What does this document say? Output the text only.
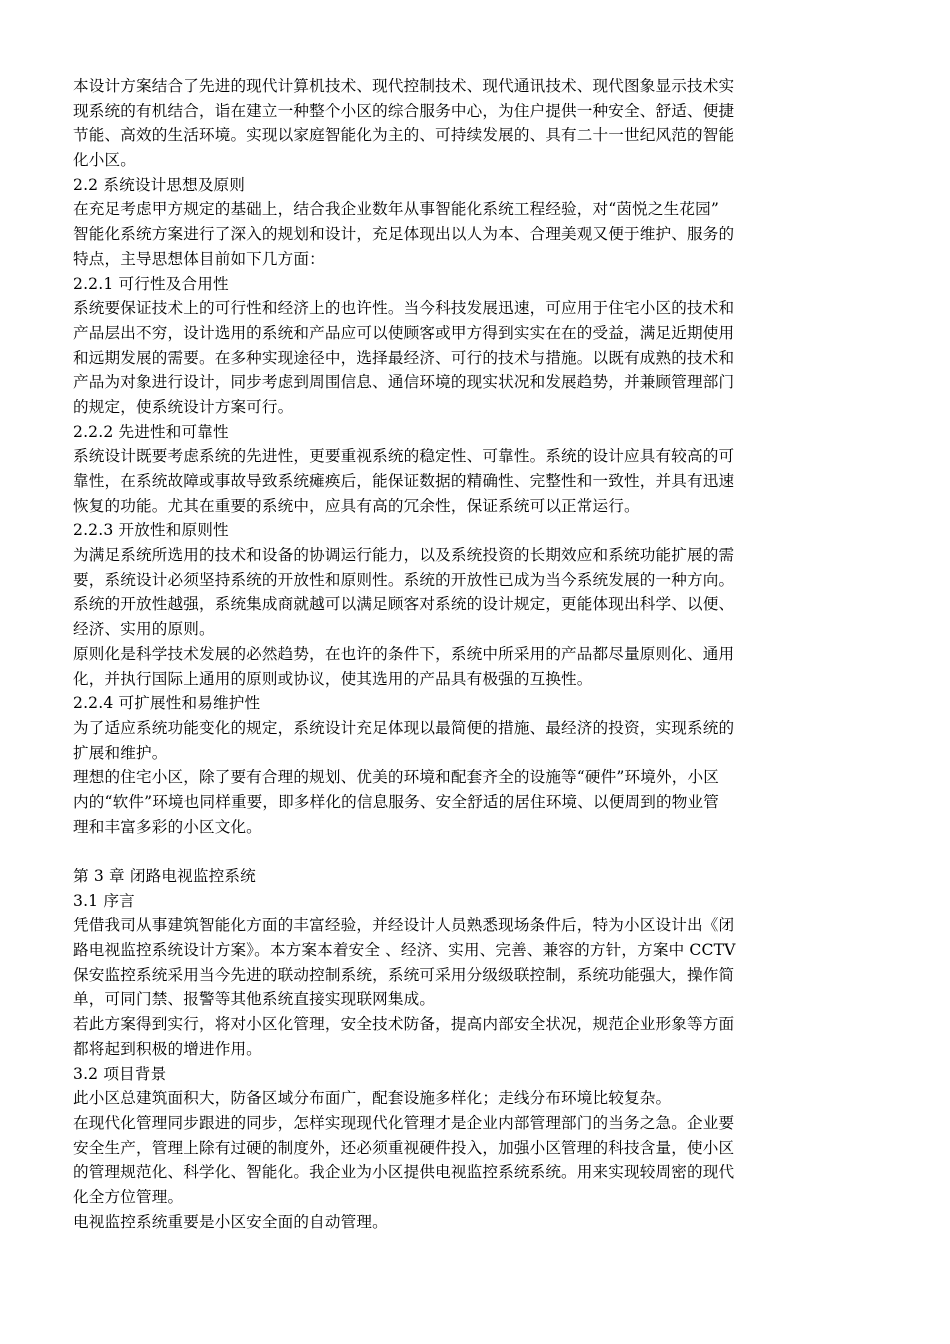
本设计方案结合了先进的现代计算机技术、现代控制技术、现代通讯技术、现代图象显示技术实
现系统的有机结合，诣在建立一种整个小区的综合服务中心，为住户提供一种安全、舒适、便捷
节能、高效的生活环境。实现以家庭智能化为主的、可持续发展的、具有二十一世纪风范的智能
化小区。
2.2 系统设计思想及原则
在充足考虑甲方规定的基础上，结合我企业数年从事智能化系统工程经验，对“茵悦之生花园”
智能化系统方案进行了深入的规划和设计，充足体现出以人为本、合理美观又便于维护、服务的
特点，主导思想体目前如下几方面：
2.2.1 可行性及合用性
系统要保证技术上的可行性和经济上的也许性。当今科技发展迅速，可应用于住宅小区的技术和
产品层出不穷，设计选用的系统和产品应可以使顾客或甲方得到实实在在的受益，满足近期使用
和远期发展的需要。在多种实现途径中，选择最经济、可行的技术与措施。以既有成熟的技术和
产品为对象进行设计，同步考虑到周围信息、通信环境的现实状况和发展趋势，并兼顾管理部门
的规定，使系统设计方案可行。
2.2.2 先进性和可靠性
系统设计既要考虑系统的先进性，更要重视系统的稳定性、可靠性。系统的设计应具有较高的可
靠性，在系统故障或事故导致系统瘫痪后，能保证数据的精确性、完整性和一致性，并具有迅速
恢复的功能。尤其在重要的系统中，应具有高的冗余性，保证系统可以正常运行。
2.2.3 开放性和原则性
为满足系统所选用的技术和设备的协调运行能力，以及系统投资的长期效应和系统功能扩展的需
要，系统设计必须坚持系统的开放性和原则性。系统的开放性已成为当今系统发展的一种方向。
系统的开放性越强，系统集成商就越可以满足顾客对系统的设计规定，更能体现出科学、以便、
经济、实用的原则。
原则化是科学技术发展的必然趋势，在也许的条件下，系统中所采用的产品都尽量原则化、通用
化，并执行国际上通用的原则或协议，使其选用的产品具有极强的互换性。
2.2.4 可扩展性和易维护性
为了适应系统功能变化的规定，系统设计充足体现以最简便的措施、最经济的投资，实现系统的
扩展和维护。
理想的住宅小区，除了要有合理的规划、优美的环境和配套齐全的设施等“硬件”环境外，小区
内的“软件”环境也同样重要，即多样化的信息服务、安全舒适的居住环境、以便周到的物业管
理和丰富多彩的小区文化。
第 3 章 闭路电视监控系统
3.1 序言
凭借我司从事建筑智能化方面的丰富经验，并经设计人员熟悉现场条件后，特为小区设计出《闭
路电视监控系统设计方案》。本方案本着安全 、经济、实用、完善、兼容的方针，方案中 CCTV
保安监控系统采用当今先进的联动控制系统，系统可采用分级级联控制，系统功能强大，操作简
单，可同门禁、报警等其他系统直接实现联网集成。
若此方案得到实行，将对小区化管理，安全技术防备，提高内部安全状况，规范企业形象等方面
都将起到积极的增进作用。
3.2 项目背景
此小区总建筑面积大，防备区域分布面广，配套设施多样化；走线分布环境比较复杂。
在现代化管理同步跟进的同步，怎样实现现代化管理才是企业内部管理部门的当务之急。企业要
安全生产，管理上除有过硬的制度外，还必须重视硬件投入，加强小区管理的科技含量，使小区
的管理规范化、科学化、智能化。我企业为小区提供电视监控系统系统。用来实现较周密的现代
化全方位管理。
电视监控系统重要是小区安全面的自动管理。
